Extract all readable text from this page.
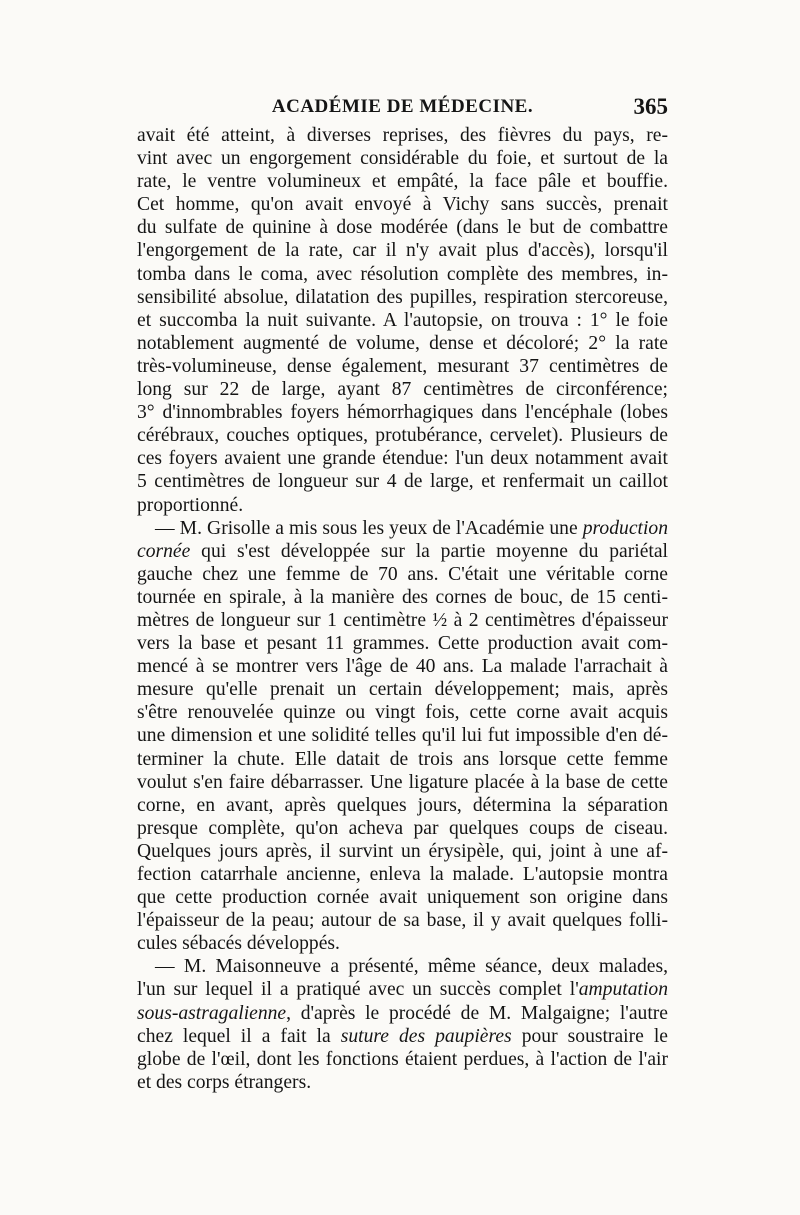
ACADÉMIE DE MÉDECINE.	365
avait été atteint, à diverses reprises, des fièvres du pays, re-
vint avec un engorgement considérable du foie, et surtout de la
rate, le ventre volumineux et empâté, la face pâle et bouffie.
Cet homme, qu'on avait envoyé à Vichy sans succès, prenait
du sulfate de quinine à dose modérée (dans le but de combattre
l'engorgement de la rate, car il n'y avait plus d'accès), lorsqu'il
tomba dans le coma, avec résolution complète des membres, in-
sensibilité absolue, dilatation des pupilles, respiration stercoreuse,
et succomba la nuit suivante. A l'autopsie, on trouva : 1° le foie
notablement augmenté de volume, dense et décoloré; 2° la rate
très-volumineuse, dense également, mesurant 37 centimètres de
long sur 22 de large, ayant 87 centimètres de circonférence;
3° d'innombrables foyers hémorrhagiques dans l'encéphale (lobes
cérébraux, couches optiques, protubérance, cervelet). Plusieurs de
ces foyers avaient une grande étendue: l'un deux notamment avait
5 centimètres de longueur sur 4 de large, et renfermait un caillot
proportionné.
— M. Grisolle a mis sous les yeux de l'Académie une production
cornée qui s'est développée sur la partie moyenne du pariétal
gauche chez une femme de 70 ans. C'était une véritable corne
tournée en spirale, à la manière des cornes de bouc, de 15 centi-
mètres de longueur sur 1 centimètre ½ à 2 centimètres d'épaisseur
vers la base et pesant 11 grammes. Cette production avait com-
mencé à se montrer vers l'âge de 40 ans. La malade l'arrachait à
mesure qu'elle prenait un certain développement; mais, après
s'être renouvelée quinze ou vingt fois, cette corne avait acquis
une dimension et une solidité telles qu'il lui fut impossible d'en dé-
terminer la chute. Elle datait de trois ans lorsque cette femme
voulut s'en faire débarrasser. Une ligature placée à la base de cette
corne, en avant, après quelques jours, détermina la séparation
presque complète, qu'on acheva par quelques coups de ciseau.
Quelques jours après, il survint un érysipèle, qui, joint à une af-
fection catarrhale ancienne, enleva la malade. L'autopsie montra
que cette production cornée avait uniquement son origine dans
l'épaisseur de la peau; autour de sa base, il y avait quelques folli-
cules sébacés développés.
— M. Maisonneuve a présenté, même séance, deux malades,
l'un sur lequel il a pratiqué avec un succès complet l'amputation
sous-astragalienne, d'après le procédé de M. Malgaigne; l'autre
chez lequel il a fait la suture des paupières pour soustraire le
globe de l'œil, dont les fonctions étaient perdues, à l'action de l'air
et des corps étrangers.
